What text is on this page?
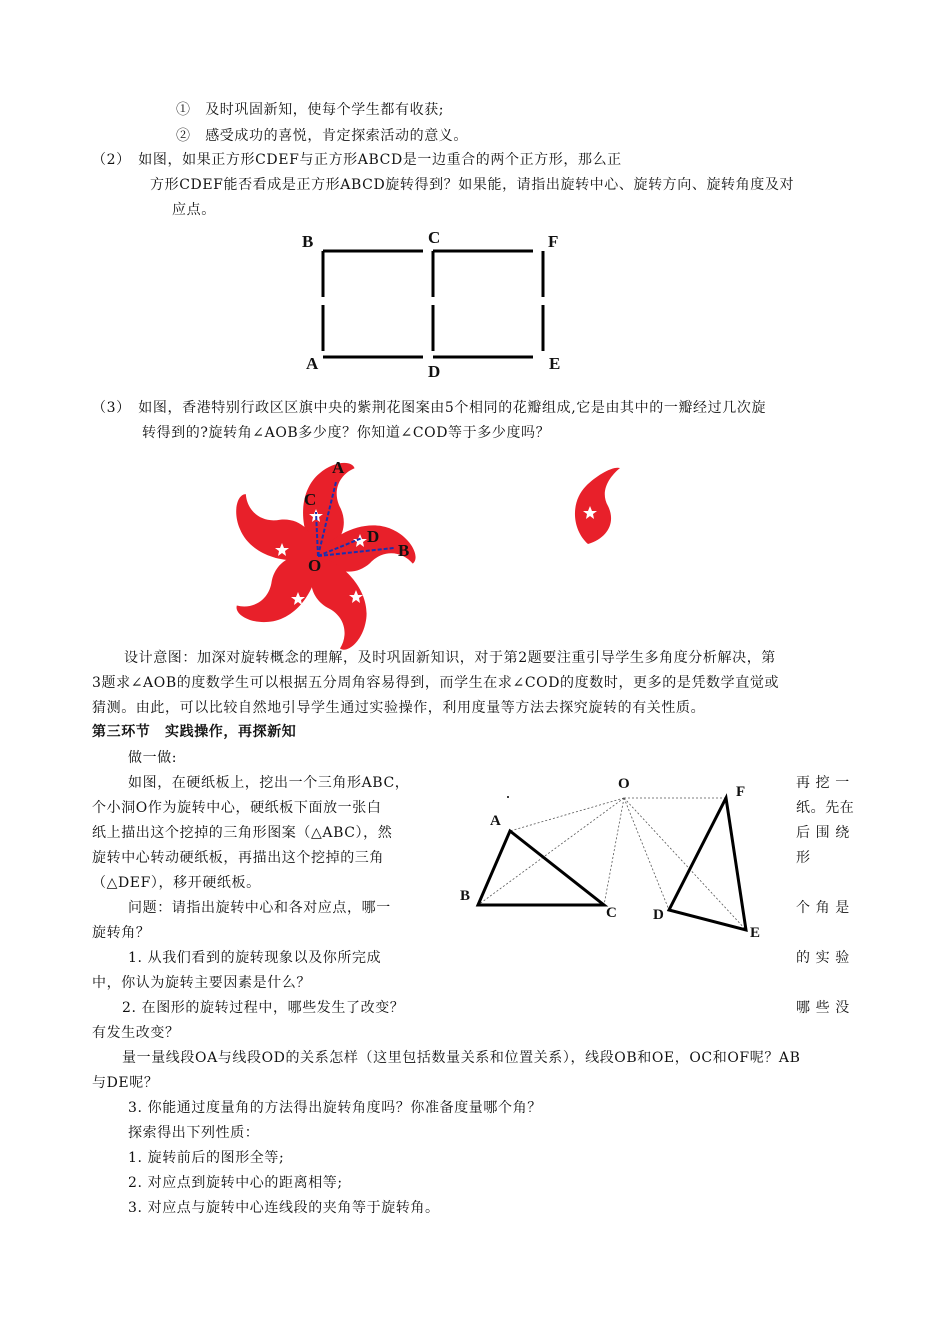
①　及时巩固新知，使每个学生都有收获;
②　感受成功的喜悦，肯定探索活动的意义。
（2）　如图，如果正方形CDEF与正方形ABCD是一边重合的两个正方形，那么正
方形CDEF能否看成是正方形ABCD旋转得到？如果能，请指出旋转中心、旋转方向、旋转角度及对
应点。
B	C	F
A	D	E
（3）　如图，香港特别行政区区旗中央的紫荆花图案由5个相同的花瓣组成,它是由其中的一瓣经过几次旋
转得到的?旋转角∠AOB多少度？你知道∠COD等于多少度吗？
A
C
D
B
O
设计意图：加深对旋转概念的理解，及时巩固新知识，对于第2题要注重引导学生多角度分析解决，第
3题求∠AOB的度数学生可以根据五分周角容易得到，而学生在求∠COD的度数时，更多的是凭数学直觉或
猜测。由此，可以比较自然地引导学生通过实验操作，利用度量等方法去探究旋转的有关性质。
第三环节　实践操作，再探新知
做一做:
如图，在硬纸板上，挖出一个三角形ABC，	再 挖 一
个小洞O作为旋转中心，硬纸板下面放一张白	纸。先在
纸上描出这个挖掉的三角形图案（△ABC），然	后 围 绕
旋转中心转动硬纸板，再描出这个挖掉的三角	形
（△DEF），移开硬纸板。
问题：请指出旋转中心和各对应点，哪一	个 角 是
旋转角？
1. 从我们看到的旋转现象以及你所完成	的 实 验
中，你认为旋转主要因素是什么？
2. 在图形的旋转过程中，哪些发生了改变？	哪 些 没
有发生改变？
量一量线段OA与线段OD的关系怎样（这里包括数量关系和位置关系），线段OB和OE，OC和OF呢？AB
与DE呢？
3. 你能通过度量角的方法得出旋转角度吗？你准备度量哪个角？
探索得出下列性质：
1. 旋转前后的图形全等;
2. 对应点到旋转中心的距离相等;
3. 对应点与旋转中心连线段的夹角等于旋转角。
O
A
F
B
C D
E
